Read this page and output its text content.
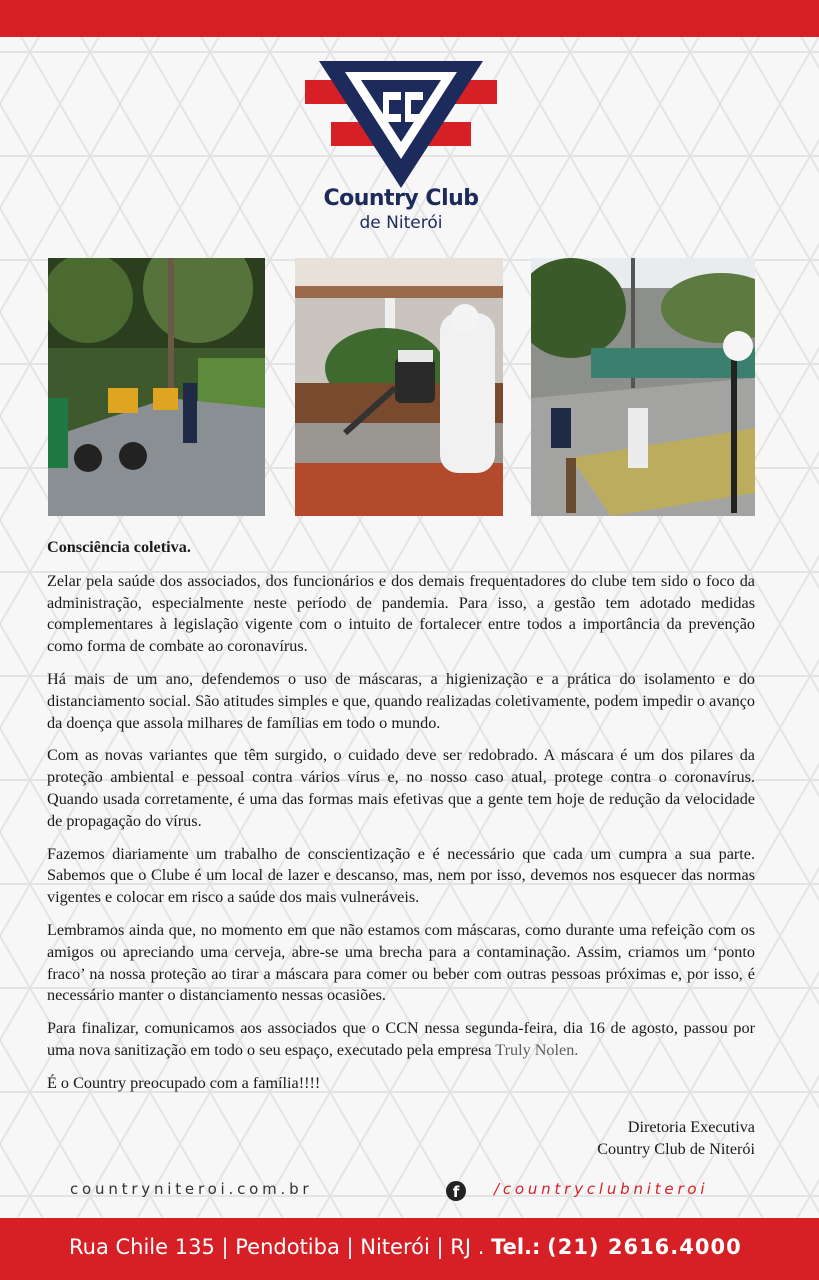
Country Club
de Niterói
Consciência coletiva.

Zelar pela saúde dos associados, dos funcionários e dos demais frequentadores do clube tem sido o foco da administração, especialmente neste período de pandemia. Para isso, a gestão tem adotado medidas complementares à legislação vigente com o intuito de fortalecer entre todos a importância da prevenção como forma de combate ao coronavírus.

Há mais de um ano, defendemos o uso de máscaras, a higienização e a prática do isolamento e do distanciamento social. São atitudes simples e que, quando realizadas coletivamente, podem impedir o avanço da doença que assola milhares de famílias em todo o mundo.

Com as novas variantes que têm surgido, o cuidado deve ser redobrado. A máscara é um dos pilares da proteção ambiental e pessoal contra vários vírus e, no nosso caso atual, protege contra o coronavírus. Quando usada corretamente, é uma das formas mais efetivas que a gente tem hoje de redução da velocidade de propagação do vírus.

Fazemos diariamente um trabalho de conscientização e é necessário que cada um cumpra a sua parte. Sabemos que o Clube é um local de lazer e descanso, mas, nem por isso, devemos nos esquecer das normas vigentes e colocar em risco a saúde dos mais vulneráveis.

Lembramos ainda que, no momento em que não estamos com máscaras, como durante uma refeição com os amigos ou apreciando uma cerveja, abre-se uma brecha para a contaminação. Assim, criamos um ‘ponto fraco’ na nossa proteção ao tirar a máscara para comer ou beber com outras pessoas próximas e, por isso, é necessário manter o distanciamento nessas ocasiões.

Para finalizar, comunicamos aos associados que o CCN nessa segunda-feira, dia 16 de agosto, passou por uma nova sanitização em todo o seu espaço, executado pela empresa Truly Nolen.

É o Country preocupado com a família!!!!

Diretoria Executiva
Country Club de Niterói
countryniteroi.com.br	f	/countryclubniteroi
Rua Chile 135 | Pendotiba | Niterói | RJ . Tel.: (21) 2616.4000
